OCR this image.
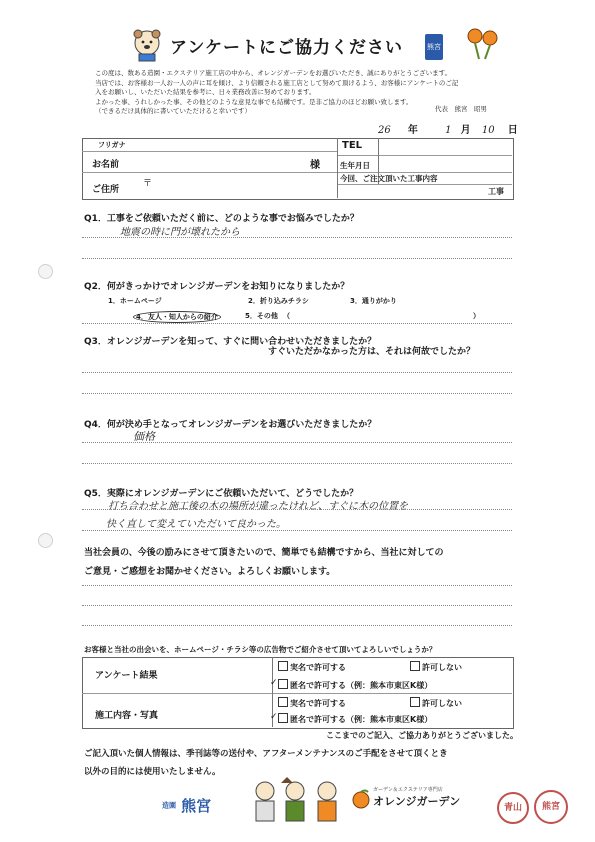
アンケートにご協力ください	熊宮
この度は、数ある造園・エクステリア施工店の中から、オレンジガーデンをお選びいただき、誠にありがとうございます。
当店では、お客様お一人お一人の声に耳を傾け、より信頼される施工店として努めて頂けるよう、お客様にアンケートのご記
入をお願いし、いただいた結果を参考に、日々業務改善に努めております。
よかった事、うれしかった事、その他どのような意見な事でも結構です。是非ご協力のほどお願い致します。
（できるだけ具体的に書いていただけると幸いです）	代表　熊宮　昭男
26 年	1 月 10 日
フリガナ
お名前	様
ご住所
〒
TEL
生年月日
今回、ご注文頂いた工事内容
工事
Q1．工事をご依頼いただく前に、どのような事でお悩みでしたか？
地震の時に門が壊れたから
Q2．何がきっかけでオレンジガーデンをお知りになりましたか？
1．ホームページ	2．折り込みチラシ	3．通りがかり
4．友人・知人からの紹介	5．その他 （	）
Q3．オレンジガーデンを知って、すぐに問い合わせいただきましたか？
すぐいただかなかった方は、それは何故でしたか？
Q4．何が決め手となってオレンジガーデンをお選びいただきましたか？
価格
Q5．実際にオレンジガーデンにご依頼いただいて、どうでしたか？
打ち合わせと施工後の木の場所が違ったけれど、すぐに木の位置を
快く直して変えていただいて良かった。
当社会員の、今後の励みにさせて頂きたいので、簡単でも結構ですから、当社に対しての
ご意見・ご感想をお聞かせください。よろしくお願いします。
お客様と当社の出会いを、ホームページ・チラシ等の広告物でご紹介させて頂いてよろしいでしょうか？
アンケート結果
実名で許可する	許可しない
✓匿名で許可する（例：熊本市東区K様）
施工内容・写真
実名で許可する	許可しない
✓匿名で許可する（例：熊本市東区K様）
ここまでのご記入、ご協力ありがとうございました。
ご記入頂いた個人情報は、季刊誌等の送付や、アフターメンテナンスのご手配をさせて頂くとき
以外の目的には使用いたしません。
造園 熊宮
ガーデン＆エクステリア専門店
オレンジガーデン	青山	熊宮
